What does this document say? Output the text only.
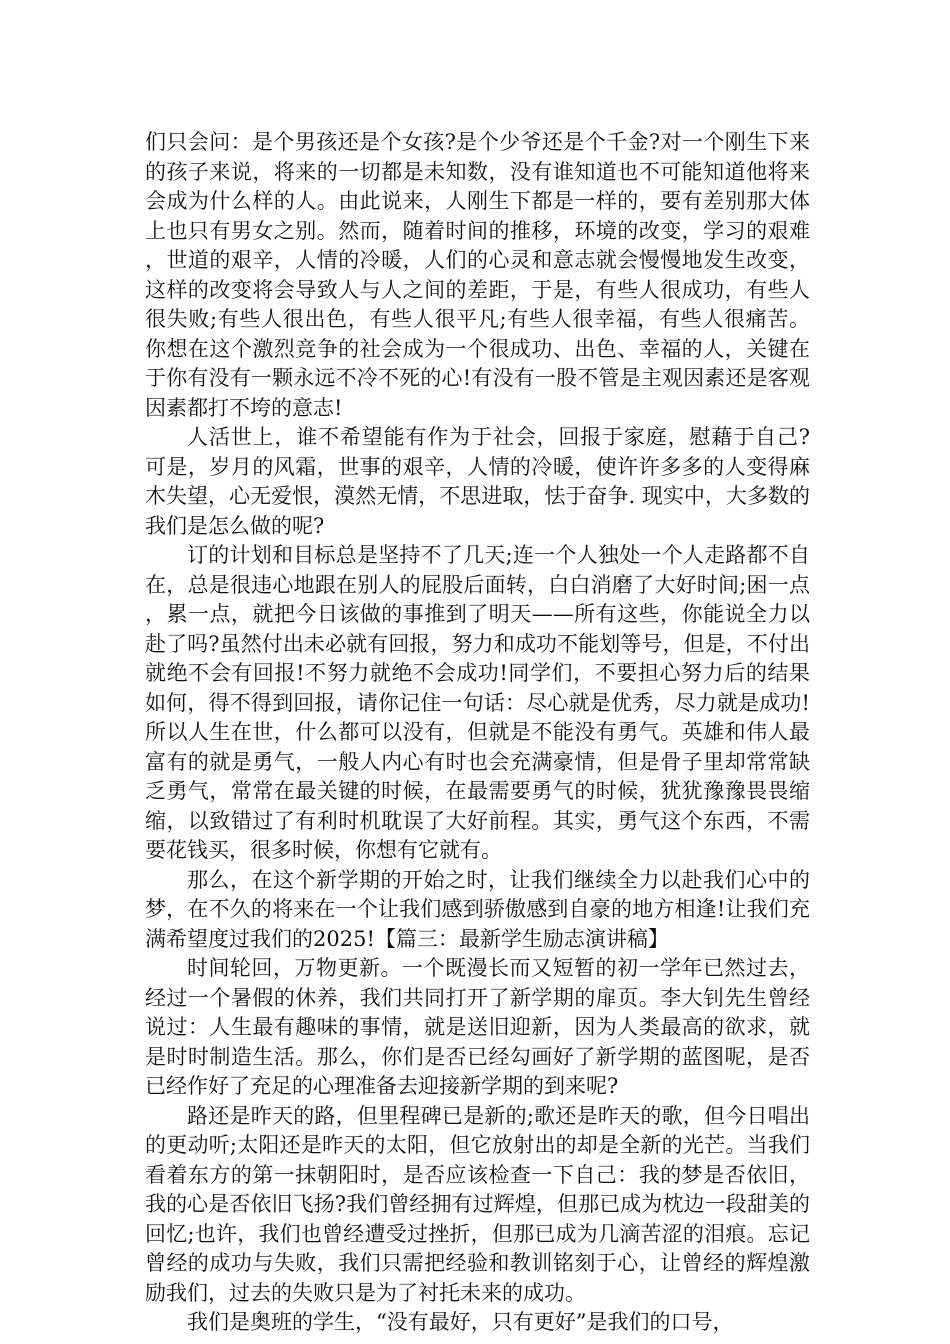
们只会问：是个男孩还是个女孩?是个少爷还是个千金?对一个刚生下来的孩子来说，将来的一切都是未知数，没有谁知道也不可能知道他将来会成为什么样的人。由此说来，人刚生下都是一样的，要有差别那大体上也只有男女之别。然而，随着时间的推移，环境的改变，学习的艰难，世道的艰辛，人情的冷暖，人们的心灵和意志就会慢慢地发生改变，这样的改变将会导致人与人之间的差距，于是，有些人很成功，有些人很失败;有些人很出色，有些人很平凡;有些人很幸福，有些人很痛苦。你想在这个激烈竞争的社会成为一个很成功、出色、幸福的人，关键在于你有没有一颗永远不冷不死的心!有没有一股不管是主观因素还是客观因素都打不垮的意志!

人活世上，谁不希望能有作为于社会，回报于家庭，慰藉于自己? 可是，岁月的风霜，世事的艰辛，人情的冷暖，使许许多多的人变得麻木失望，心无爱恨，漠然无情，不思进取，怯于奋争. 现实中，大多数的我们是怎么做的呢?

订的计划和目标总是坚持不了几天;连一个人独处一个人走路都不自在，总是很违心地跟在别人的屁股后面转，白白消磨了大好时间;困一点，累一点，就把今日该做的事推到了明天——所有这些，你能说全力以赴了吗?虽然付出未必就有回报，努力和成功不能划等号，但是，不付出就绝不会有回报!不努力就绝不会成功!同学们，不要担心努力后的结果如何，得不得到回报，请你记住一句话：尽心就是优秀，尽力就是成功!所以人生在世，什么都可以没有，但就是不能没有勇气。英雄和伟人最富有的就是勇气，一般人内心有时也会充满豪情，但是骨子里却常常缺乏勇气，常常在最关键的时候，在最需要勇气的时候，犹犹豫豫畏畏缩缩，以致错过了有利时机耽误了大好前程。其实，勇气这个东西，不需要花钱买，很多时候，你想有它就有。

那么，在这个新学期的开始之时，让我们继续全力以赴我们心中的梦，在不久的将来在一个让我们感到骄傲感到自豪的地方相逢!让我们充满希望度过我们的2025!【篇三：最新学生励志演讲稿】

时间轮回，万物更新。一个既漫长而又短暂的初一学年已然过去，经过一个暑假的休养，我们共同打开了新学期的扉页。李大钊先生曾经说过：人生最有趣味的事情，就是送旧迎新，因为人类最高的欲求，就是时时制造生活。那么，你们是否已经勾画好了新学期的蓝图呢，是否已经作好了充足的心理准备去迎接新学期的到来呢?

路还是昨天的路，但里程碑已是新的;歌还是昨天的歌，但今日唱出的更动听;太阳还是昨天的太阳，但它放射出的却是全新的光芒。当我们看着东方的第一抹朝阳时，是否应该检查一下自己：我的梦是否依旧，我的心是否依旧飞扬?我们曾经拥有过辉煌，但那已成为枕边一段甜美的回忆;也许，我们也曾经遭受过挫折，但那已成为几滴苦涩的泪痕。忘记曾经的成功与失败，我们只需把经验和教训铭刻于心，让曾经的辉煌激励我们，过去的失败只是为了衬托未来的成功。

我们是奥班的学生，“没有最好，只有更好”是我们的口号，
